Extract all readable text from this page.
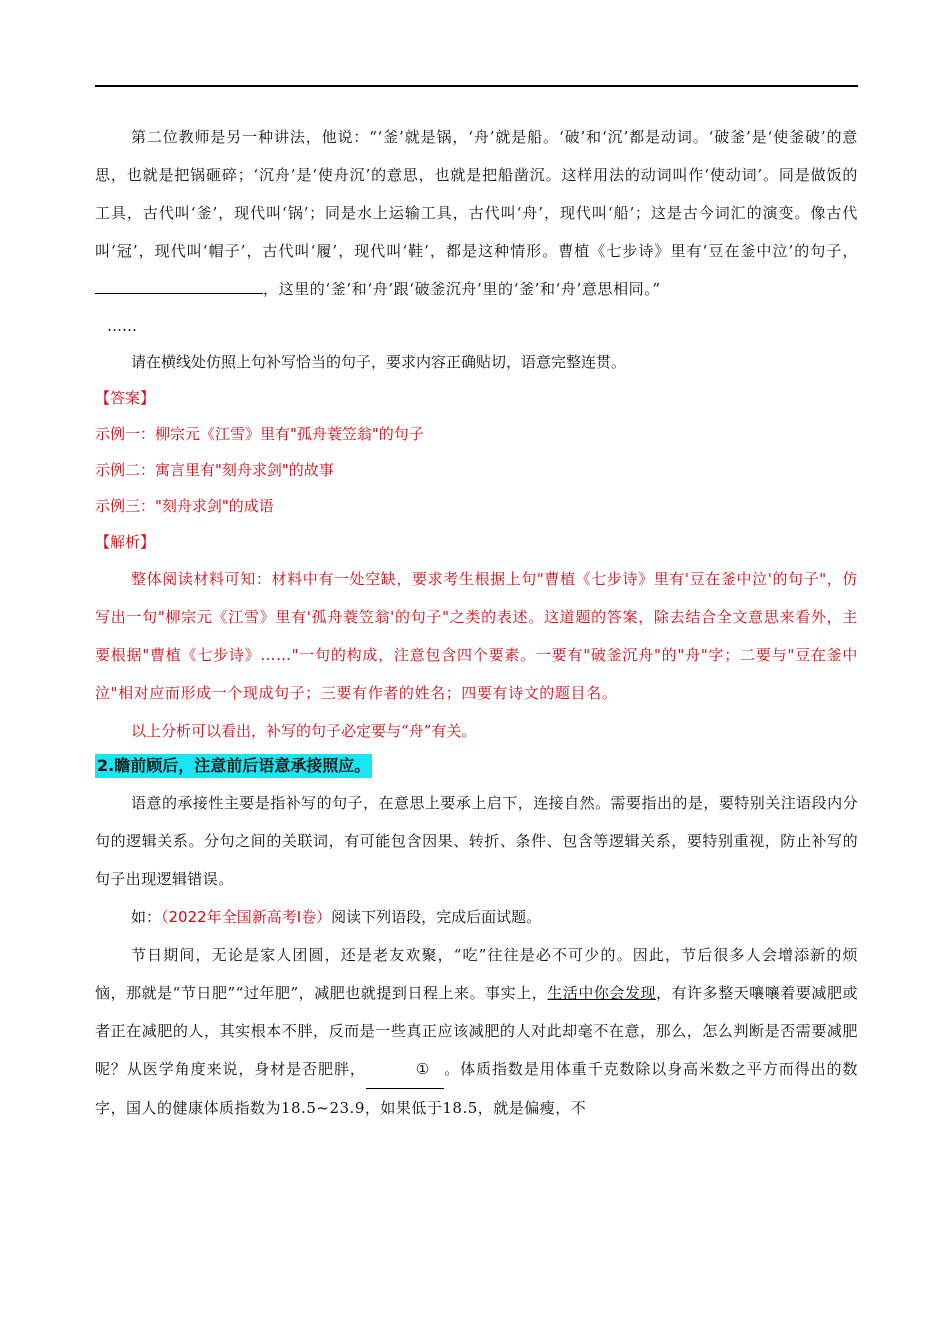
第二位教师是另一种讲法，他说：“‘釜’就是锅，‘舟’就是船。‘破’和‘沉’都是动词。‘破釜’是‘使釜破’的意思，也就是把锅砸碎；‘沉舟’是‘使舟沉’的意思，也就是把船凿沉。这样用法的动词叫作‘使动词’。同是做饭的工具，古代叫‘釜’，现代叫‘锅’；同是水上运输工具，古代叫‘舟’，现代叫‘船’；这是古今词汇的演变。像古代叫‘冠’，现代叫‘帽子’，古代叫‘履’，现代叫‘鞋’，都是这种情形。曹植《七步诗》里有‘豆在釜中泣’的句子，，这里的‘釜’和‘舟’跟‘破釜沉舟’里的‘釜’和‘舟’意思相同。”

……

请在横线处仿照上句补写恰当的句子，要求内容正确贴切，语意完整连贯。

【答案】

示例一：柳宗元《江雪》里有"孤舟蓑笠翁"的句子

示例二：寓言里有"刻舟求剑"的故事

示例三："刻舟求剑"的成语

【解析】

整体阅读材料可知：材料中有一处空缺，要求考生根据上句"曹植《七步诗》里有'豆在釜中泣'的句子"，仿写出一句"柳宗元《江雪》里有'孤舟蓑笠翁'的句子"之类的表述。这道题的答案，除去结合全文意思来看外，主要根据"曹植《七步诗》……"一句的构成，注意包含四个要素。一要有"破釜沉舟"的"舟"字；二要与"豆在釜中泣"相对应而形成一个现成句子；三要有作者的姓名；四要有诗文的题目名。

以上分析可以看出，补写的句子必定要与“舟”有关。

2.瞻前顾后，注意前后语意承接照应。

语意的承接性主要是指补写的句子，在意思上要承上启下，连接自然。需要指出的是，要特别关注语段内分句的逻辑关系。分句之间的关联词，有可能包含因果、转折、条件、包含等逻辑关系，要特别重视，防止补写的句子出现逻辑错误。

如：（2022年全国新高考Ⅰ卷）阅读下列语段，完成后面试题。

节日期间，无论是家人团圆，还是老友欢聚，“吃”往往是必不可少的。因此，节后很多人会增添新的烦恼，那就是“节日肥”“过年肥”，减肥也就提到日程上来。事实上，生活中你会发现，有许多整天嚷嚷着要减肥或者正在减肥的人，其实根本不胖，反而是一些真正应该减肥的人对此却毫不在意，那么，怎么判断是否需要减肥呢？从医学角度来说，身材是否肥胖，	① 。体质指数是用体重千克数除以身高米数之平方而得出的数字，国人的健康体质指数为18.5~23.9，如果低于18.5，就是偏瘦，不
